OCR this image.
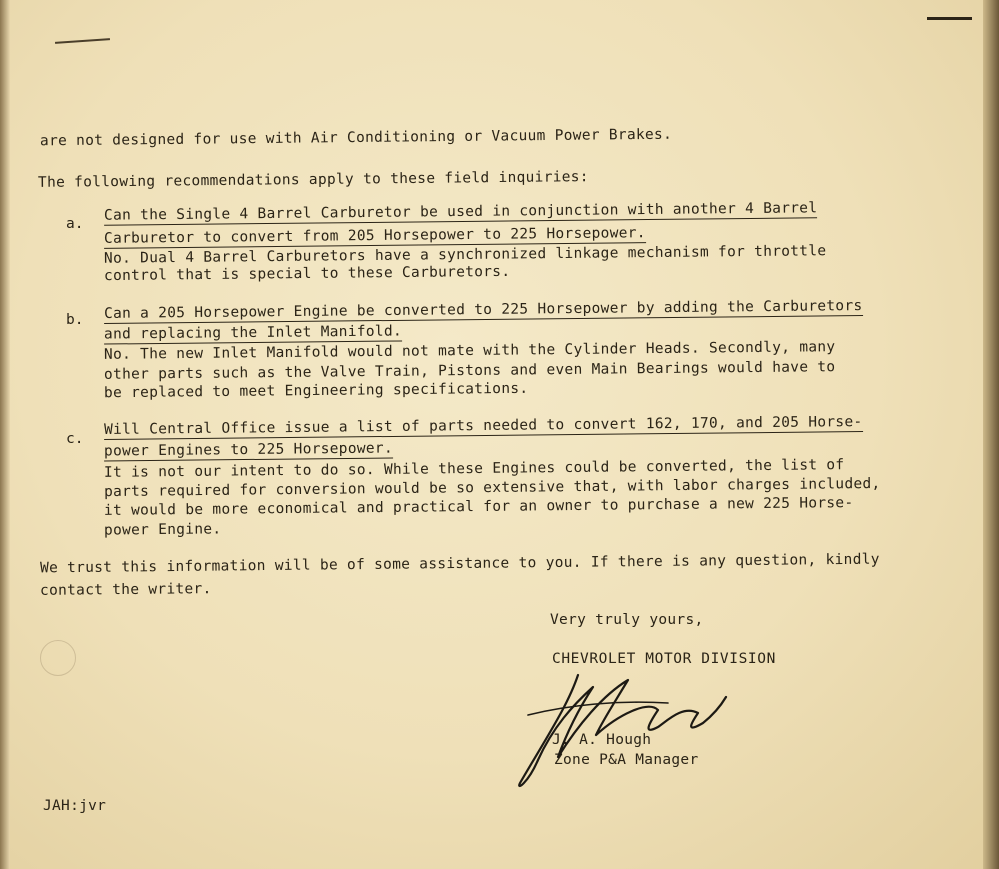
are not designed for use with Air Conditioning or Vacuum Power Brakes.
The following recommendations apply to these field inquiries:
a.
Can the Single 4 Barrel Carburetor be used in conjunction with another 4 Barrel
Carburetor to convert from 205 Horsepower to 225 Horsepower.
No. Dual 4 Barrel Carburetors have a synchronized linkage mechanism for throttle
control that is special to these Carburetors.
b. Can a 205 Horsepower Engine be converted to 225 Horsepower by adding the Carburetors
and replacing the Inlet Manifold.
No. The new Inlet Manifold would not mate with the Cylinder Heads. Secondly, many
other parts such as the Valve Train, Pistons and even Main Bearings would have to
be replaced to meet Engineering specifications.
c.
Will Central Office issue a list of parts needed to convert 162, 170, and 205 Horse-
power Engines to 225 Horsepower.
It is not our intent to do so. While these Engines could be converted, the list of
parts required for conversion would be so extensive that, with labor charges included,
it would be more economical and practical for an owner to purchase a new 225 Horse-
power Engine.
We trust this information will be of some assistance to you. If there is any question, kindly
contact the writer.
Very truly yours,
CHEVROLET MOTOR DIVISION
J. A. Hough
Zone P&A Manager
JAH:jvr
